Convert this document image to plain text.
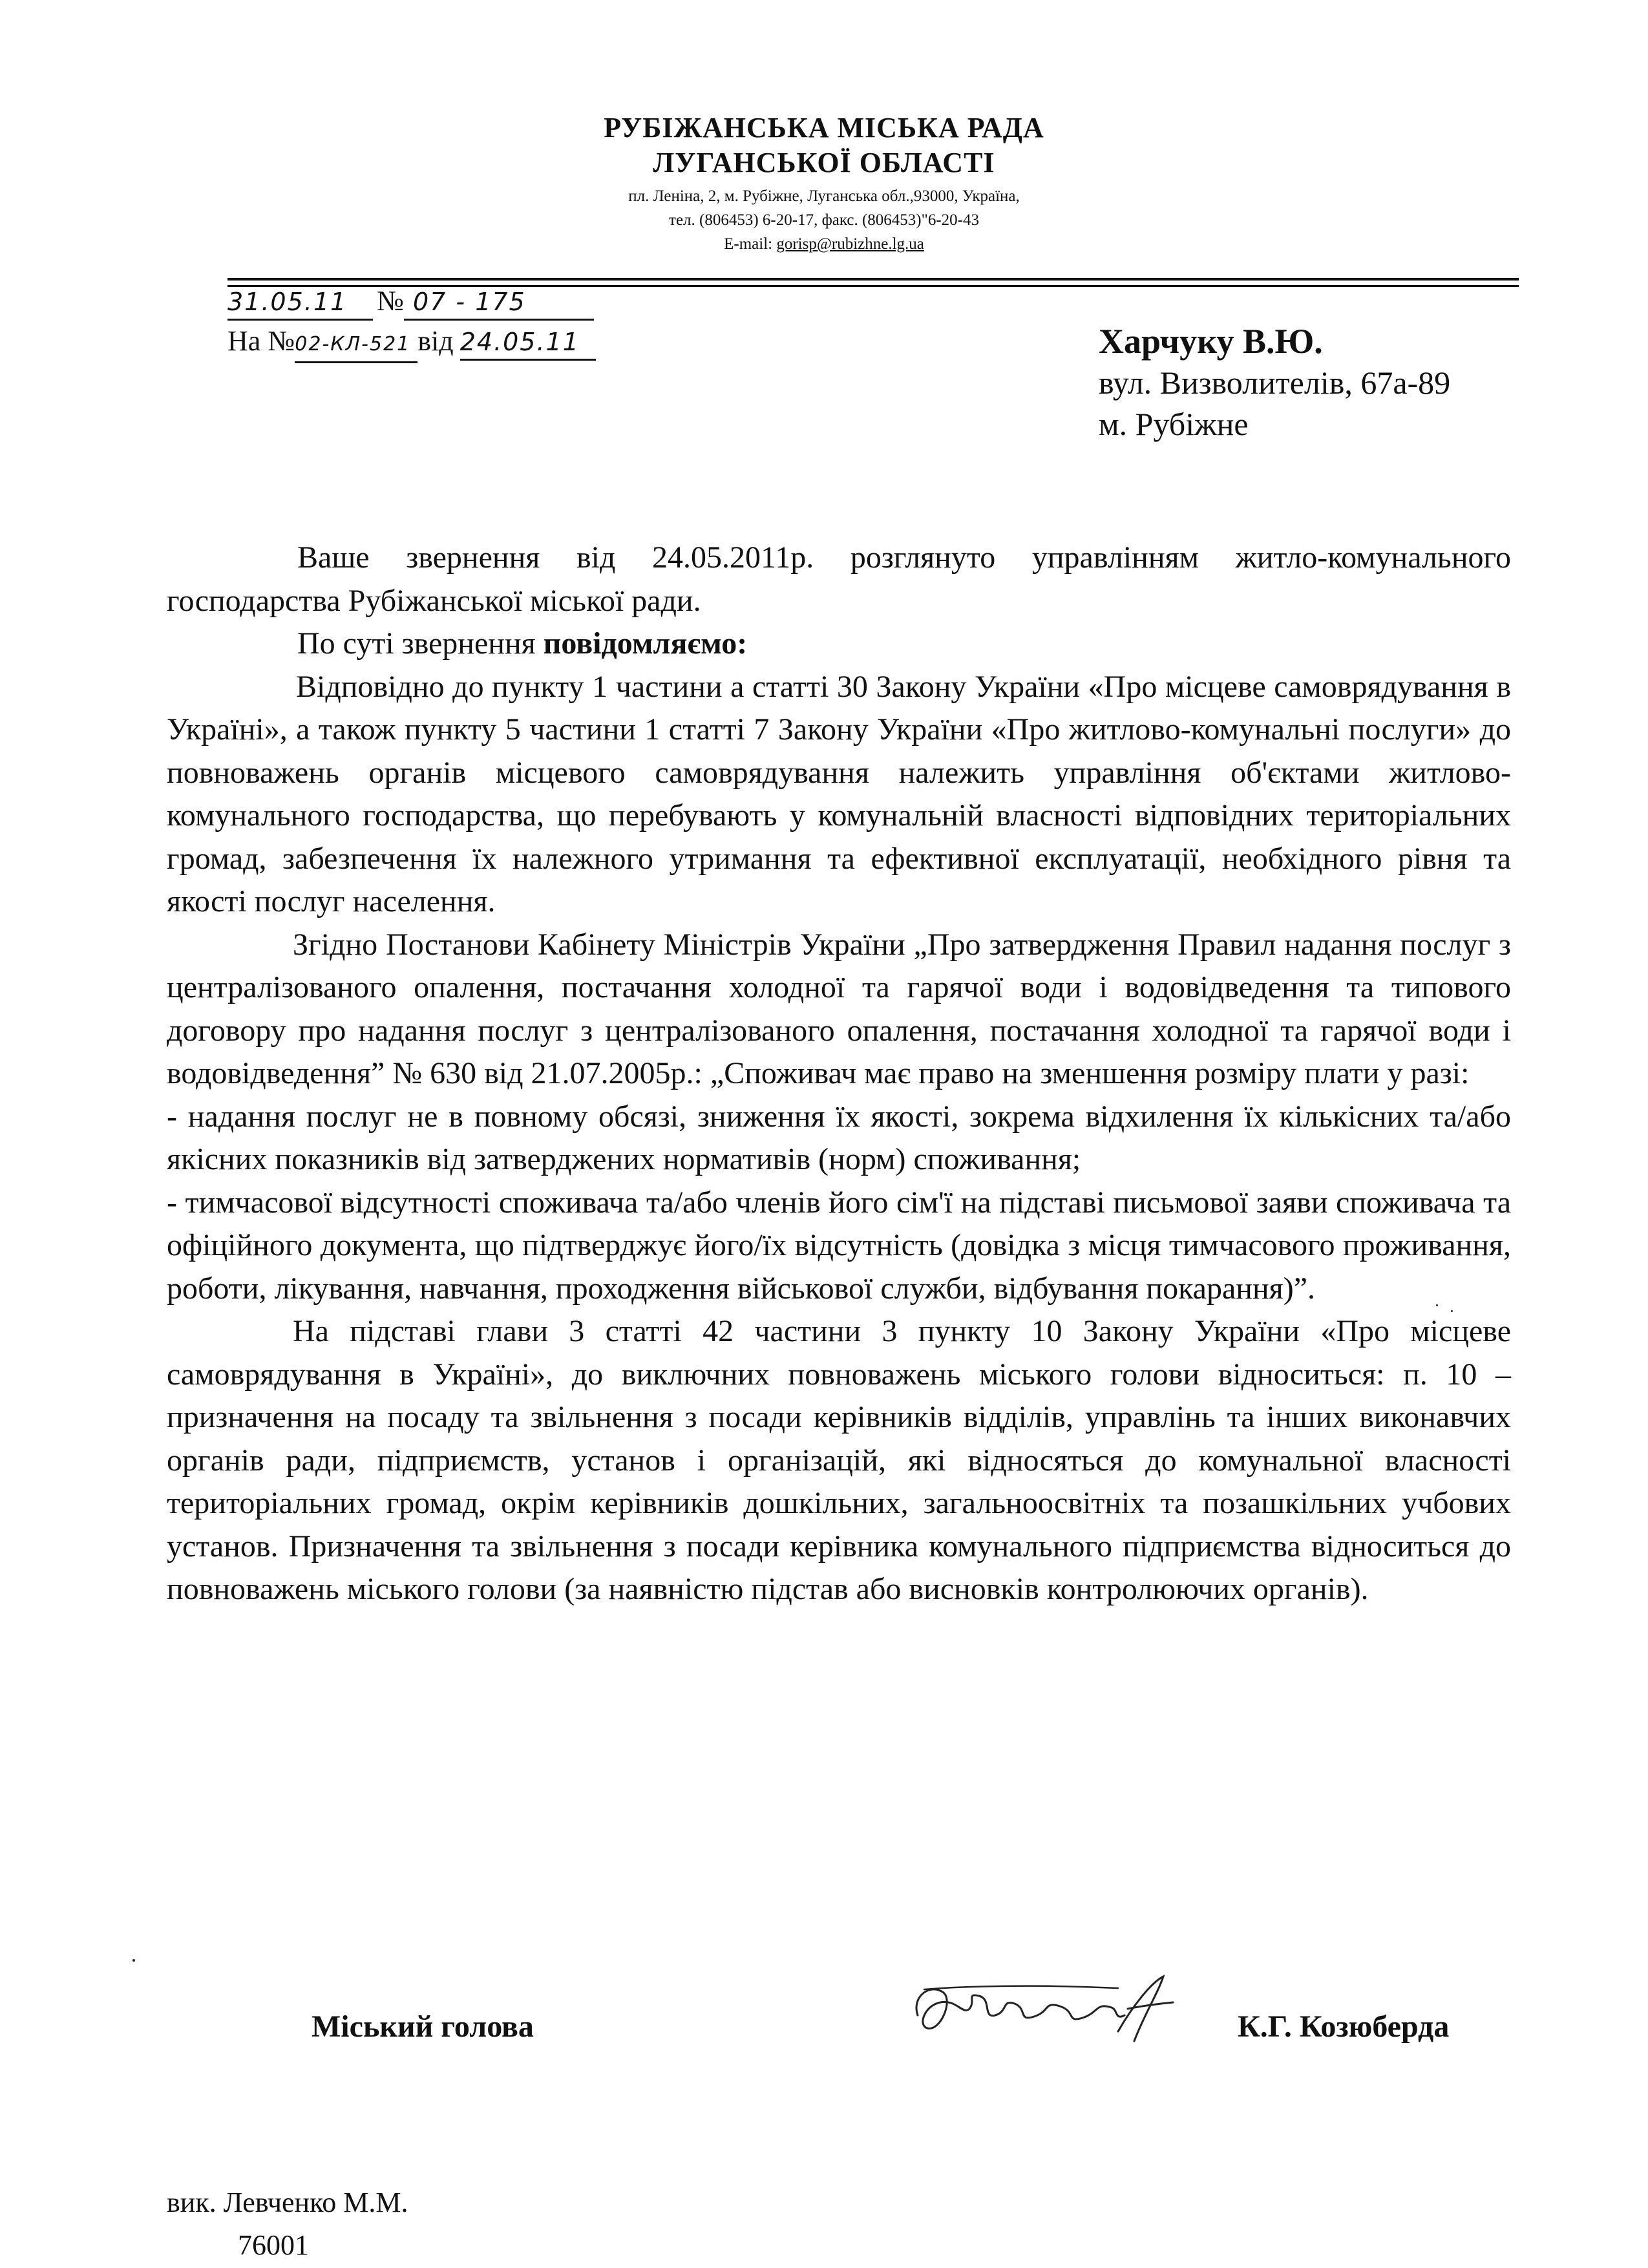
РУБІЖАНСЬКА МІСЬКА РАДА
ЛУГАНСЬКОЇ ОБЛАСТІ
пл. Леніна, 2, м. Рубіжне, Луганська обл.,93000, Україна,
тел. (806453) 6-20-17, факс. (806453)"6-20-43
E-mail: gorisp@rubizhne.lg.ua
31.05.11 № 07 - 175
На №02-КЛ-521 від 24.05.11	Харчуку В.Ю.
вул. Визволителів, 67а-89
м. Рубіжне

Ваше звернення від 24.05.2011р. розглянуто управлінням житло-комунального господарства Рубіжанської міської ради.

По суті звернення повідомляємо:

Відповідно до пункту 1 частини а статті 30 Закону України «Про місцеве самоврядування в Україні», а також пункту 5 частини 1 статті 7 Закону України «Про житлово-комунальні послуги» до повноважень органів місцевого самоврядування належить управління об'єктами житлово-комунального господарства, що перебувають у комунальній власності відповідних територіальних громад, забезпечення їх належного утримання та ефективної експлуатації, необхідного рівня та якості послуг населення.

Згідно Постанови Кабінету Міністрів України „Про затвердження Правил надання послуг з централізованого опалення, постачання холодної та гарячої води і водовідведення та типового договору про надання послуг з централізованого опалення, постачання холодної та гарячої води і водовідведення” № 630 від 21.07.2005р.: „Споживач має право на зменшення розміру плати у разі:

- надання послуг не в повному обсязі, зниження їх якості, зокрема відхилення їх кількісних та/або якісних показників від затверджених нормативів (норм) споживання;

- тимчасової відсутності споживача та/або членів його сім'ї на підставі письмової заяви споживача та офіційного документа, що підтверджує його/їх відсутність (довідка з місця тимчасового проживання, роботи, лікування, навчання, проходження військової служби, відбування покарання)”.

На підставі глави 3 статті 42 частини 3 пункту 10 Закону України «Про місцеве самоврядування в Україні», до виключних повноважень міського голови відноситься: п. 10 – призначення на посаду та звільнення з посади керівників відділів, управлінь та інших виконавчих органів ради, підприємств, установ і організацій, які відносяться до комунальної власності територіальних громад, окрім керівників дошкільних, загальноосвітніх та позашкільних учбових установ. Призначення та звільнення з посади керівника комунального підприємства відноситься до повноважень міського голови (за наявністю підстав або висновків контролюючих органів).

Міський голова	К.Г. Козюберда
вик. Левченко М.М.
76001
